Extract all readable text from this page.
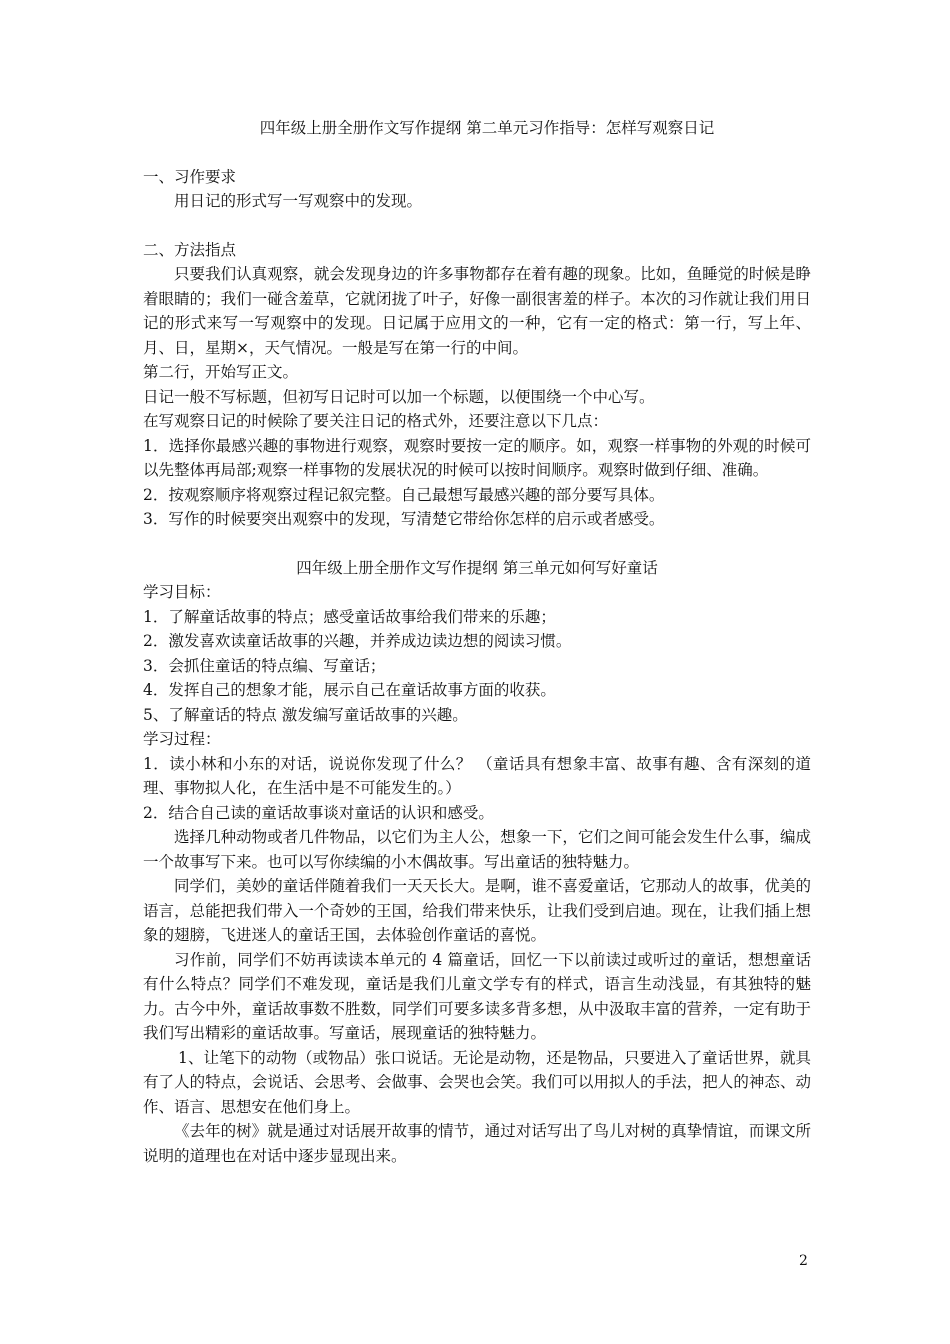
四年级上册全册作文写作提纲 第二单元习作指导：怎样写观察日记

一、习作要求

用日记的形式写一写观察中的发现。

二、方法指点

只要我们认真观察，就会发现身边的许多事物都存在着有趣的现象。比如，鱼睡觉的时候是睁着眼睛的；我们一碰含羞草，它就闭拢了叶子，好像一副很害羞的样子。本次的习作就让我们用日记的形式来写一写观察中的发现。日记属于应用文的一种，它有一定的格式：第一行，写上年、月、日，星期×，天气情况。一般是写在第一行的中间。

第二行，开始写正文。

日记一般不写标题，但初写日记时可以加一个标题，以便围绕一个中心写。

在写观察日记的时候除了要关注日记的格式外，还要注意以下几点：

1．选择你最感兴趣的事物进行观察，观察时要按一定的顺序。如，观察一样事物的外观的时候可以先整体再局部;观察一样事物的发展状况的时候可以按时间顺序。观察时做到仔细、准确。

2．按观察顺序将观察过程记叙完整。自己最想写最感兴趣的部分要写具体。

3．写作的时候要突出观察中的发现，写清楚它带给你怎样的启示或者感受。

四年级上册全册作文写作提纲 第三单元如何写好童话

学习目标：

1．了解童话故事的特点；感受童话故事给我们带来的乐趣；

2．激发喜欢读童话故事的兴趣，并养成边读边想的阅读习惯。

3．会抓住童话的特点编、写童话；

4．发挥自己的想象才能，展示自己在童话故事方面的收获。

5、了解童话的特点 激发编写童话故事的兴趣。

学习过程：

1．读小林和小东的对话，说说你发现了什么？ （童话具有想象丰富、故事有趣、含有深刻的道理、事物拟人化，在生活中是不可能发生的。）

2．结合自己读的童话故事谈对童话的认识和感受。

选择几种动物或者几件物品，以它们为主人公，想象一下，它们之间可能会发生什么事，编成一个故事写下来。也可以写你续编的小木偶故事。写出童话的独特魅力。

同学们，美妙的童话伴随着我们一天天长大。是啊，谁不喜爱童话，它那动人的故事，优美的语言，总能把我们带入一个奇妙的王国，给我们带来快乐，让我们受到启迪。现在，让我们插上想象的翅膀，飞进迷人的童话王国，去体验创作童话的喜悦。

习作前，同学们不妨再读读本单元的 4 篇童话，回忆一下以前读过或听过的童话，想想童话有什么特点？同学们不难发现，童话是我们儿童文学专有的样式，语言生动浅显，有其独特的魅力。古今中外，童话故事数不胜数，同学们可要多读多背多想，从中汲取丰富的营养，一定有助于我们写出精彩的童话故事。写童话，展现童话的独特魅力。

1、让笔下的动物（或物品）张口说话。无论是动物，还是物品，只要进入了童话世界，就具有了人的特点，会说话、会思考、会做事、会哭也会笑。我们可以用拟人的手法，把人的神态、动作、语言、思想安在他们身上。

《去年的树》就是通过对话展开故事的情节，通过对话写出了鸟儿对树的真挚情谊，而课文所说明的道理也在对话中逐步显现出来。

2
